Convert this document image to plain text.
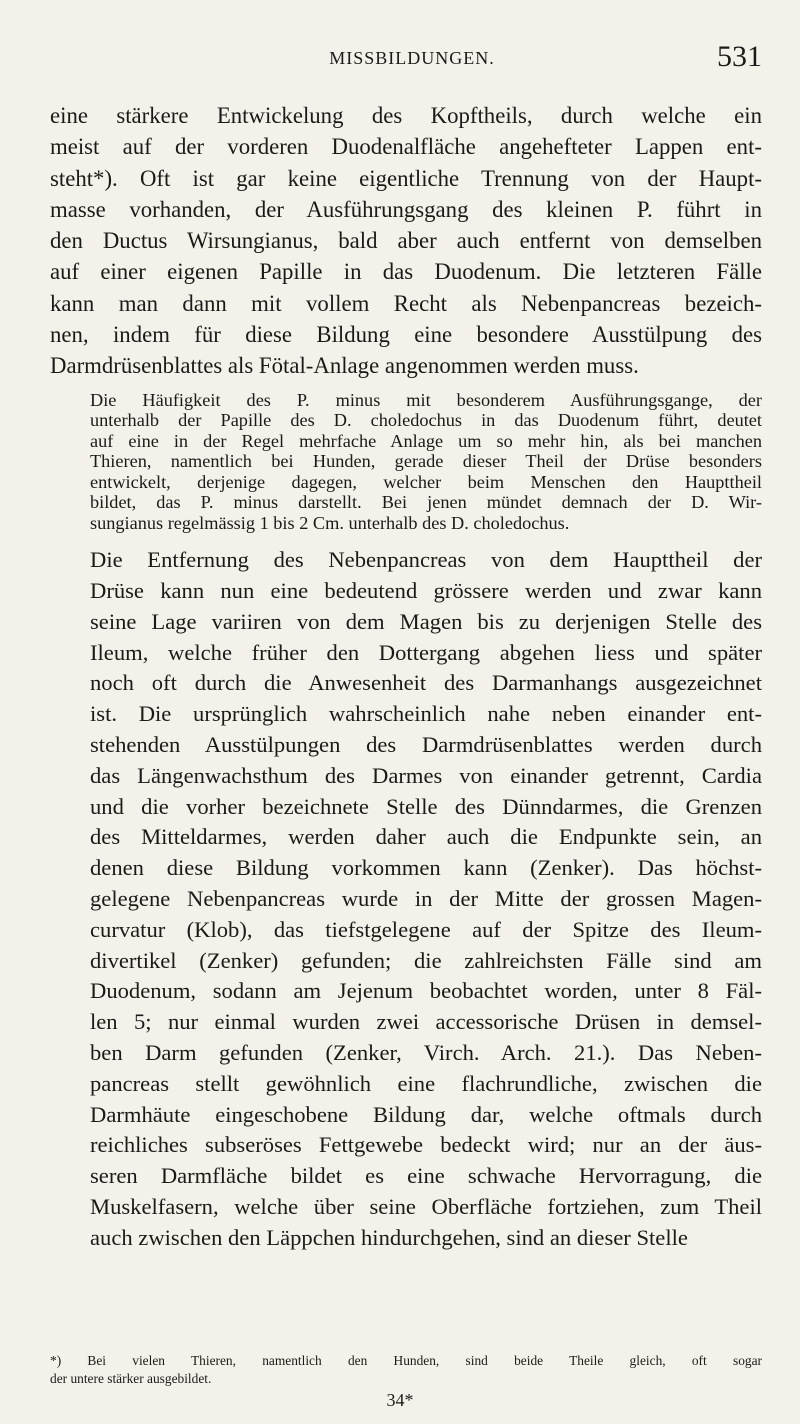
MISSBILDUNGEN.	531

eine stärkere Entwickelung des Kopftheils, durch welche ein
meist auf der vorderen Duodenalfläche angehefteter Lappen ent-
steht*). Oft ist gar keine eigentliche Trennung von der Haupt-
masse vorhanden, der Ausführungsgang des kleinen P. führt in
den Ductus Wirsungianus, bald aber auch entfernt von demselben
auf einer eigenen Papille in das Duodenum. Die letzteren Fälle
kann man dann mit vollem Recht als Nebenpancreas bezeich-
nen, indem für diese Bildung eine besondere Ausstülpung des
Darmdrüsenblattes als Fötal-Anlage angenommen werden muss.

Die Häufigkeit des P. minus mit besonderem Ausführungsgange, der
unterhalb der Papille des D. choledochus in das Duodenum führt, deutet
auf eine in der Regel mehrfache Anlage um so mehr hin, als bei manchen
Thieren, namentlich bei Hunden, gerade dieser Theil der Drüse besonders
entwickelt, derjenige dagegen, welcher beim Menschen den Haupttheil
bildet, das P. minus darstellt. Bei jenen mündet demnach der D. Wir-
sungianus regelmässig 1 bis 2 Cm. unterhalb des D. choledochus.

Die Entfernung des Nebenpancreas von dem Haupttheil der
Drüse kann nun eine bedeutend grössere werden und zwar kann
seine Lage variiren von dem Magen bis zu derjenigen Stelle des
Ileum, welche früher den Dottergang abgehen liess und später
noch oft durch die Anwesenheit des Darmanhangs ausgezeichnet
ist. Die ursprünglich wahrscheinlich nahe neben einander ent-
stehenden Ausstülpungen des Darmdrüsenblattes werden durch
das Längenwachsthum des Darmes von einander getrennt, Cardia
und die vorher bezeichnete Stelle des Dünndarmes, die Grenzen
des Mitteldarmes, werden daher auch die Endpunkte sein, an
denen diese Bildung vorkommen kann (Zenker). Das höchst-
gelegene Nebenpancreas wurde in der Mitte der grossen Magen-
curvatur (Klob), das tiefstgelegene auf der Spitze des Ileum-
divertikel (Zenker) gefunden; die zahlreichsten Fälle sind am
Duodenum, sodann am Jejenum beobachtet worden, unter 8 Fäl-
len 5; nur einmal wurden zwei accessorische Drüsen in demsel-
ben Darm gefunden (Zenker, Virch. Arch. 21.). Das Neben-
pancreas stellt gewöhnlich eine flachrundliche, zwischen die
Darmhäute eingeschobene Bildung dar, welche oftmals durch
reichliches subseröses Fettgewebe bedeckt wird; nur an der äus-
seren Darmfläche bildet es eine schwache Hervorragung, die
Muskelfasern, welche über seine Oberfläche fortziehen, zum Theil
auch zwischen den Läppchen hindurchgehen, sind an dieser Stelle

*) Bei vielen Thieren, namentlich den Hunden, sind beide Theile gleich, oft sogar
der untere stärker ausgebildet.
34*
